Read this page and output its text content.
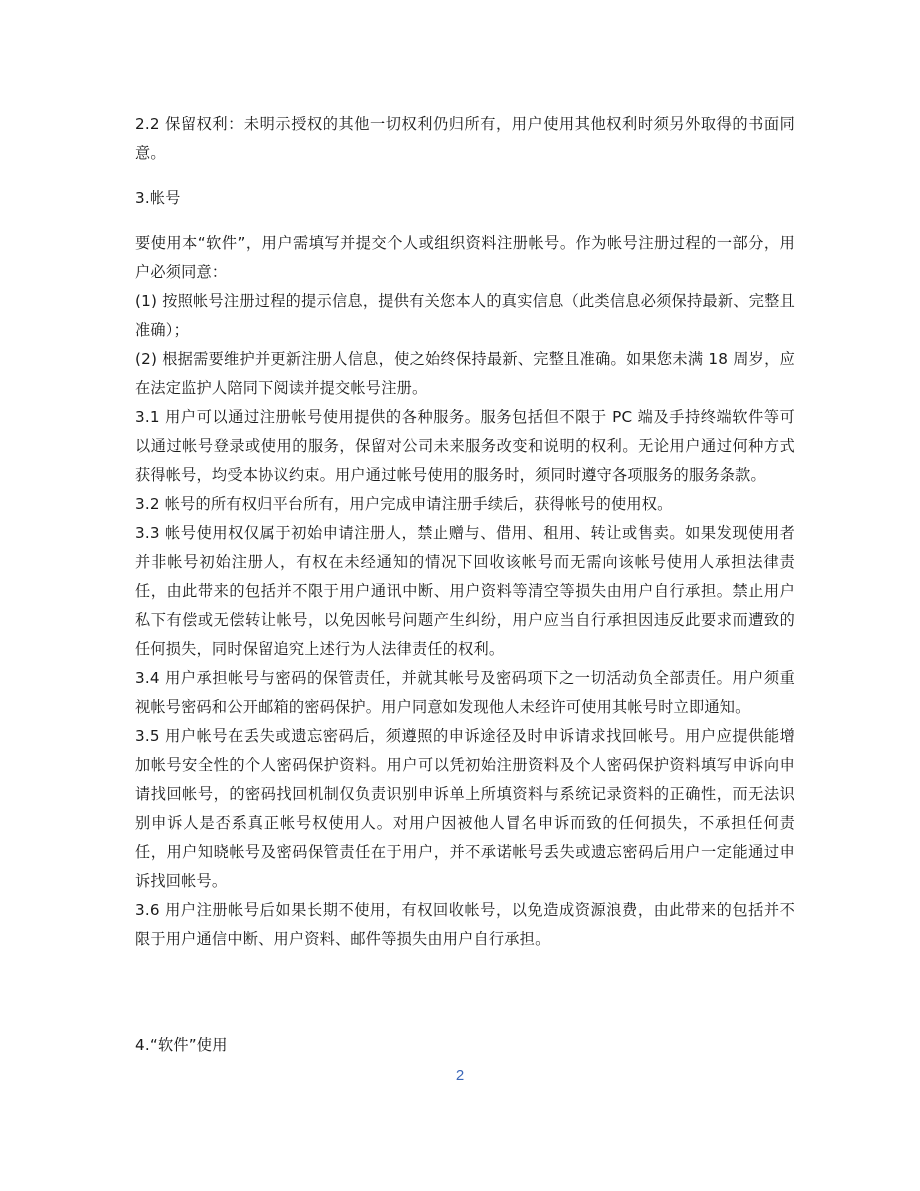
2.2 保留权利：未明示授权的其他一切权利仍归所有，用户使用其他权利时须另外取得的书面同意。

3.帐号

要使用本“软件”，用户需填写并提交个人或组织资料注册帐号。作为帐号注册过程的一部分，用户必须同意：

(1) 按照帐号注册过程的提示信息，提供有关您本人的真实信息（此类信息必须保持最新、完整且准确）；

(2) 根据需要维护并更新注册人信息，使之始终保持最新、完整且准确。如果您未满 18 周岁，应在法定监护人陪同下阅读并提交帐号注册。

3.1 用户可以通过注册帐号使用提供的各种服务。服务包括但不限于 PC 端及手持终端软件等可以通过帐号登录或使用的服务，保留对公司未来服务改变和说明的权利。无论用户通过何种方式获得帐号，均受本协议约束。用户通过帐号使用的服务时，须同时遵守各项服务的服务条款。

3.2 帐号的所有权归平台所有，用户完成申请注册手续后，获得帐号的使用权。

3.3 帐号使用权仅属于初始申请注册人，禁止赠与、借用、租用、转让或售卖。如果发现使用者并非帐号初始注册人，有权在未经通知的情况下回收该帐号而无需向该帐号使用人承担法律责任，由此带来的包括并不限于用户通讯中断、用户资料等清空等损失由用户自行承担。禁止用户私下有偿或无偿转让帐号，以免因帐号问题产生纠纷，用户应当自行承担因违反此要求而遭致的任何损失，同时保留追究上述行为人法律责任的权利。

3.4 用户承担帐号与密码的保管责任，并就其帐号及密码项下之一切活动负全部责任。用户须重视帐号密码和公开邮箱的密码保护。用户同意如发现他人未经许可使用其帐号时立即通知。

3.5 用户帐号在丢失或遗忘密码后，须遵照的申诉途径及时申诉请求找回帐号。用户应提供能增加帐号安全性的个人密码保护资料。用户可以凭初始注册资料及个人密码保护资料填写申诉向申请找回帐号，的密码找回机制仅负责识别申诉单上所填资料与系统记录资料的正确性，而无法识别申诉人是否系真正帐号权使用人。对用户因被他人冒名申诉而致的任何损失，不承担任何责任，用户知晓帐号及密码保管责任在于用户，并不承诺帐号丢失或遗忘密码后用户一定能通过申诉找回帐号。

3.6 用户注册帐号后如果长期不使用，有权回收帐号，以免造成资源浪费，由此带来的包括并不限于用户通信中断、用户资料、邮件等损失由用户自行承担。

4.“软件”使用

2
